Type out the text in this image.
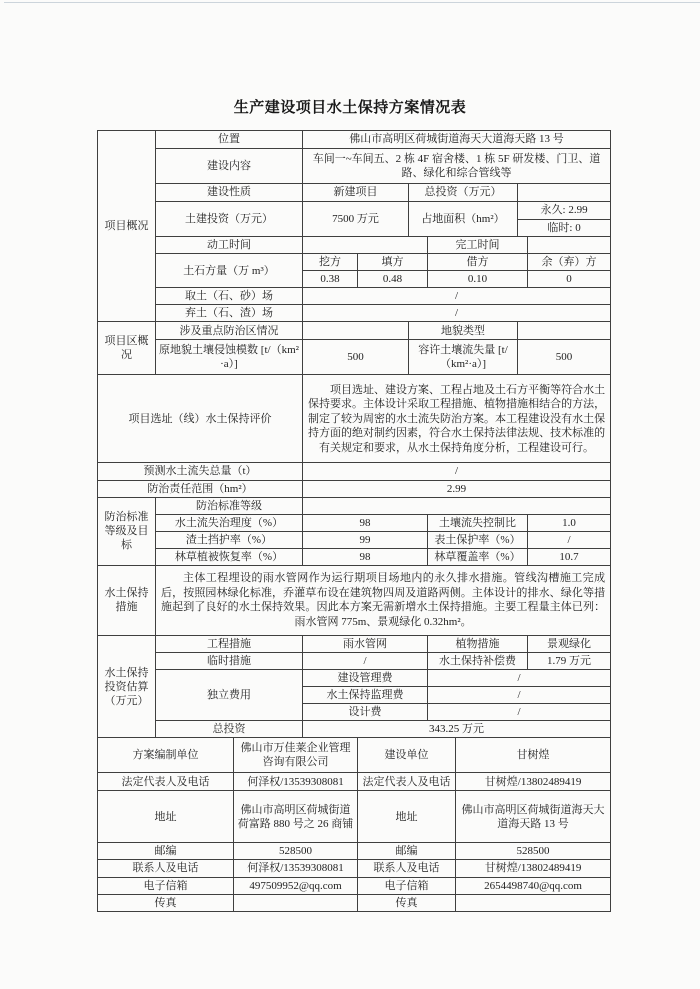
生产建设项目水土保持方案情况表
项目概况	位置		佛山市高明区荷城街道海天大道海天路 13 号						
	建设内容		车间一~车间五、2 栋 4F 宿舍楼、1 栋 5F 研发楼、门卫、道路、绿化和综合管线等						
	建设性质		新建项目		总投资（万元）				
	土建投资（万元）		7500 万元		占地面积（hm²）			永久: 2.99	
								临时: 0	
	动工时间					完工时间			
	土石方量（万 m³）		挖方	填方		借方			余（弃）方
			0.38	0.48		0.10			0
	取土（石、砂）场		/						
	弃土（石、渣）场		/						
项目区概况	涉及重点防治区情况				地貌类型				
	原地貌土壤侵蚀模数 [t/（km²·a）]		500		容许土壤流失量 [t/（km²·a）]			500	
项目选址（线）水土保持评价			项目选址、建设方案、工程占地及土石方平衡等符合水土保持要求。主体设计采取工程措施、植物措施相结合的方法，制定了较为周密的水土流失防治方案。本工程建设没有水土保持方面的绝对制约因素，符合水土保持法律法规、技术标准的有关规定和要求，从水土保持角度分析，工程建设可行。						
预测水土流失总量（t）			/						
防治责任范围（hm²）			2.99						
防治标准等级及目标	防治标准等级								
	水土流失治理度（%）		98			土壤流失控制比			1.0
	渣土挡护率（%）		99			表土保护率（%）			/
	林草植被恢复率（%）		98			林草覆盖率（%）			10.7
水土保持措施	主体工程埋设的雨水管网作为运行期项目场地内的永久排水措施。管线沟槽施工完成后，按照园林绿化标准，乔灌草布设在建筑物四周及道路两侧。主体设计的排水、绿化等措施起到了良好的水土保持效果。因此本方案无需新增水土保持措施。主要工程量主体已列：雨水管网 775m、景观绿化 0.32hm²。								
水土保持投资估算（万元）	工程措施		雨水管网			植物措施			景观绿化
	临时措施		/			水土保持补偿费			1.79 万元
	独立费用		建设管理费			/			
			水土保持监理费			/			
			设计费			/			
	总投资		343.25 万元						
方案编制单位		佛山市万佳莱企业管理咨询有限公司		建设单位			甘树煌		
法定代表人及电话		何泽权/13539308081		法定代表人及电话			甘树煌/13802489419		
地址		佛山市高明区荷城街道荷富路 880 号之 26 商铺		地址			佛山市高明区荷城街道海天大道海天路 13 号		
邮编		528500		邮编			528500		
联系人及电话		何泽权/13539308081		联系人及电话			甘树煌/13802489419		
电子信箱		497509952@qq.com		电子信箱			2654498740@qq.com		
传真				传真					
